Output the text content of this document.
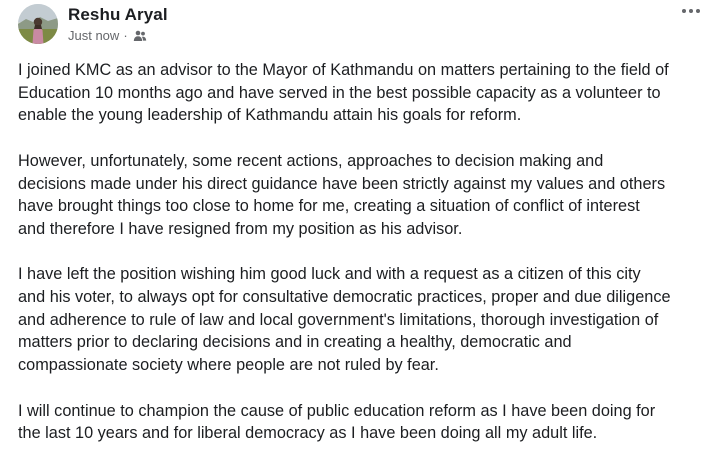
Reshu Aryal
Just now ·

I joined KMC as an advisor to the Mayor of Kathmandu on matters pertaining to the field of
Education 10 months ago and have served in the best possible capacity as a volunteer to
enable the young leadership of Kathmandu attain his goals for reform.

However, unfortunately, some recent actions, approaches to decision making and
decisions made under his direct guidance have been strictly against my values and others
have brought things too close to home for me, creating a situation of conflict of interest
and therefore I have resigned from my position as his advisor.

I have left the position wishing him good luck and with a request as a citizen of this city
and his voter, to always opt for consultative democratic practices, proper and due diligence
and adherence to rule of law and local government's limitations, thorough investigation of
matters prior to declaring decisions and in creating a healthy, democratic and
compassionate society where people are not ruled by fear.

I will continue to champion the cause of public education reform as I have been doing for
the last 10 years and for liberal democracy as I have been doing all my adult life.
